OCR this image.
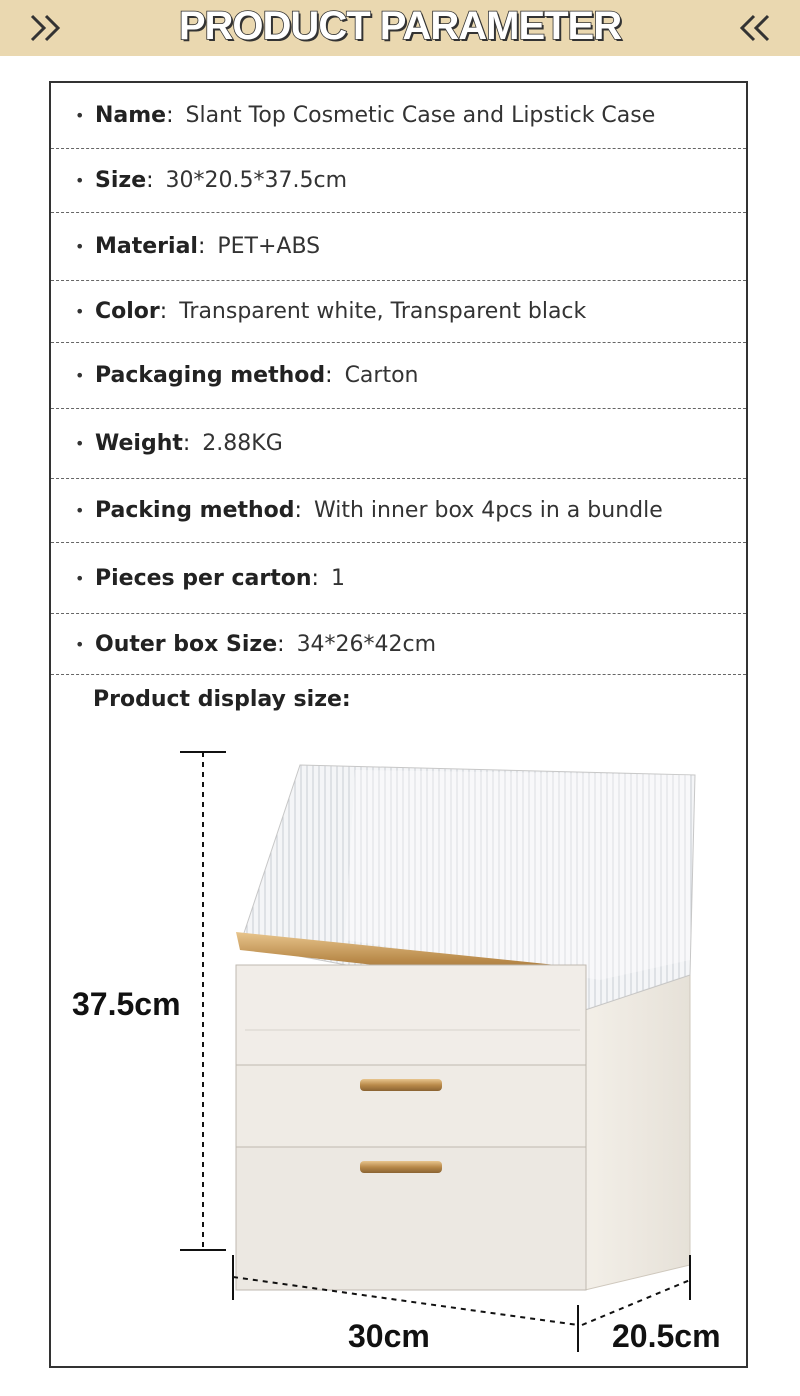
PRODUCT PARAMETER
• Name : Slant Top Cosmetic Case and Lipstick Case
• Size : 30*20.5*37.5cm
• Material : PET+ABS
• Color : Transparent white, Transparent black
• Packaging method : Carton
• Weight : 2.88KG
• Packing method : With inner box 4pcs in a bundle
• Pieces per carton : 1
• Outer box Size : 34*26*42cm
Product display size:
37.5cm
30cm	20.5cm
